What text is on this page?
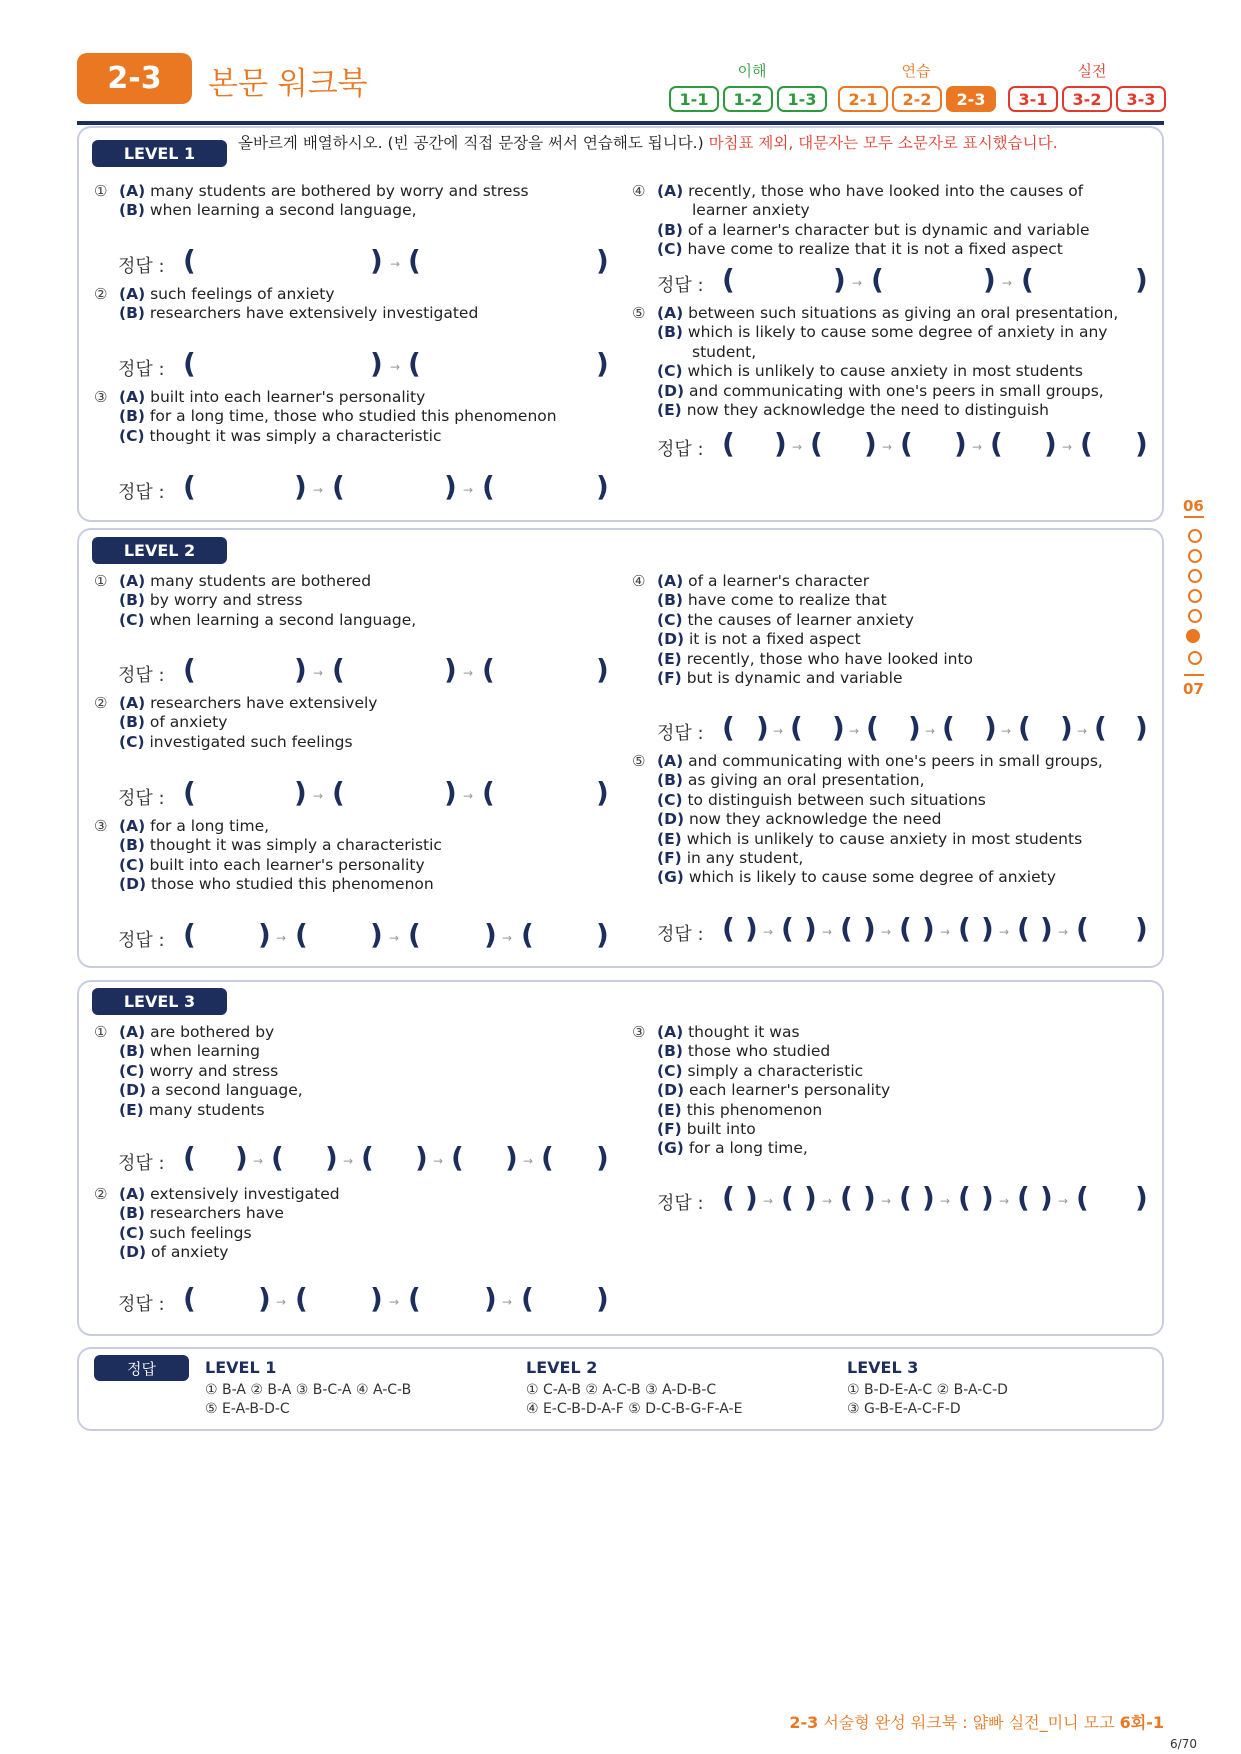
2-3	본문 워크북	이해	연습	실전
1-1	1-2	1-3	2-1	2-2	2-3	3-1	3-2	3-3
06
07
LEVEL 1
올바르게 배열하시오. (빈 공간에 직접 문장을 써서 연습해도 됩니다.) 마침표 제외, 대문자는 모두 소문자로 표시했습니다.
① (A) many students are bothered by worry and stress
(B) when learning a second language,
정답 : (	) → (	)
② (A) such feelings of anxiety
(B) researchers have extensively investigated
정답 : (	) → (	)
③ (A) built into each learner's personality
(B) for a long time, those who studied this phenomenon
(C) thought it was simply a characteristic
정답 : (	) → (	) → (	)
④ (A) recently, those who have looked into the causes of
learner anxiety
(B) of a learner's character but is dynamic and variable
(C) have come to realize that it is not a fixed aspect
정답 : (	) → (	) → (	)
⑤ (A) between such situations as giving an oral presentation,
(B) which is likely to cause some degree of anxiety in any
student,
(C) which is unlikely to cause anxiety in most students
(D) and communicating with one's peers in small groups,
(E) now they acknowledge the need to distinguish
정답 : ( ) → ( ) → ( ) → ( ) → ( )
LEVEL 2
① (A) many students are bothered
(B) by worry and stress
(C) when learning a second language,
정답 : (	) → (	) → (	)
② (A) researchers have extensively
(B) of anxiety
(C) investigated such feelings
정답 : (	) → (	) → (	)
③ (A) for a long time,
(B) thought it was simply a characteristic
(C) built into each learner's personality
(D) those who studied this phenomenon
정답 : ( ) → ( ) → ( ) → ( )
④ (A) of a learner's character
(B) have come to realize that
(C) the causes of learner anxiety
(D) it is not a fixed aspect
(E) recently, those who have looked into
(F) but is dynamic and variable
정답 : ( ) → ( ) → ( ) → ( ) → ( ) → ( )
⑤ (A) and communicating with one's peers in small groups,
(B) as giving an oral presentation,
(C) to distinguish between such situations
(D) now they acknowledge the need
(E) which is unlikely to cause anxiety in most students
(F) in any student,
(G) which is likely to cause some degree of anxiety
정답 : ( ) → ( ) → ( ) → ( ) → ( ) → ( ) → ( )
LEVEL 3
① (A) are bothered by
(B) when learning
(C) worry and stress
(D) a second language,
(E) many students
정답 : ( ) → ( ) → ( ) → ( ) → ( )
② (A) extensively investigated
(B) researchers have
(C) such feelings
(D) of anxiety
정답 : ( ) → ( ) → ( ) → ( )
③ (A) thought it was
(B) those who studied
(C) simply a characteristic
(D) each learner's personality
(E) this phenomenon
(F) built into
(G) for a long time,
정답 : ( ) → ( ) → ( ) → ( ) → ( ) → ( ) → ( )
정답	LEVEL 1
① B-A ② B-A ③ B-C-A ④ A-C-B
⑤ E-A-B-D-C
LEVEL 2
① C-A-B ② A-C-B ③ A-D-B-C
④ E-C-B-D-A-F ⑤ D-C-B-G-F-A-E
LEVEL 3
① B-D-E-A-C ② B-A-C-D
③ G-B-E-A-C-F-D
2-3 서술형 완성 워크북 : 얇빠 실전_미니 모고 6회-1
6/70
